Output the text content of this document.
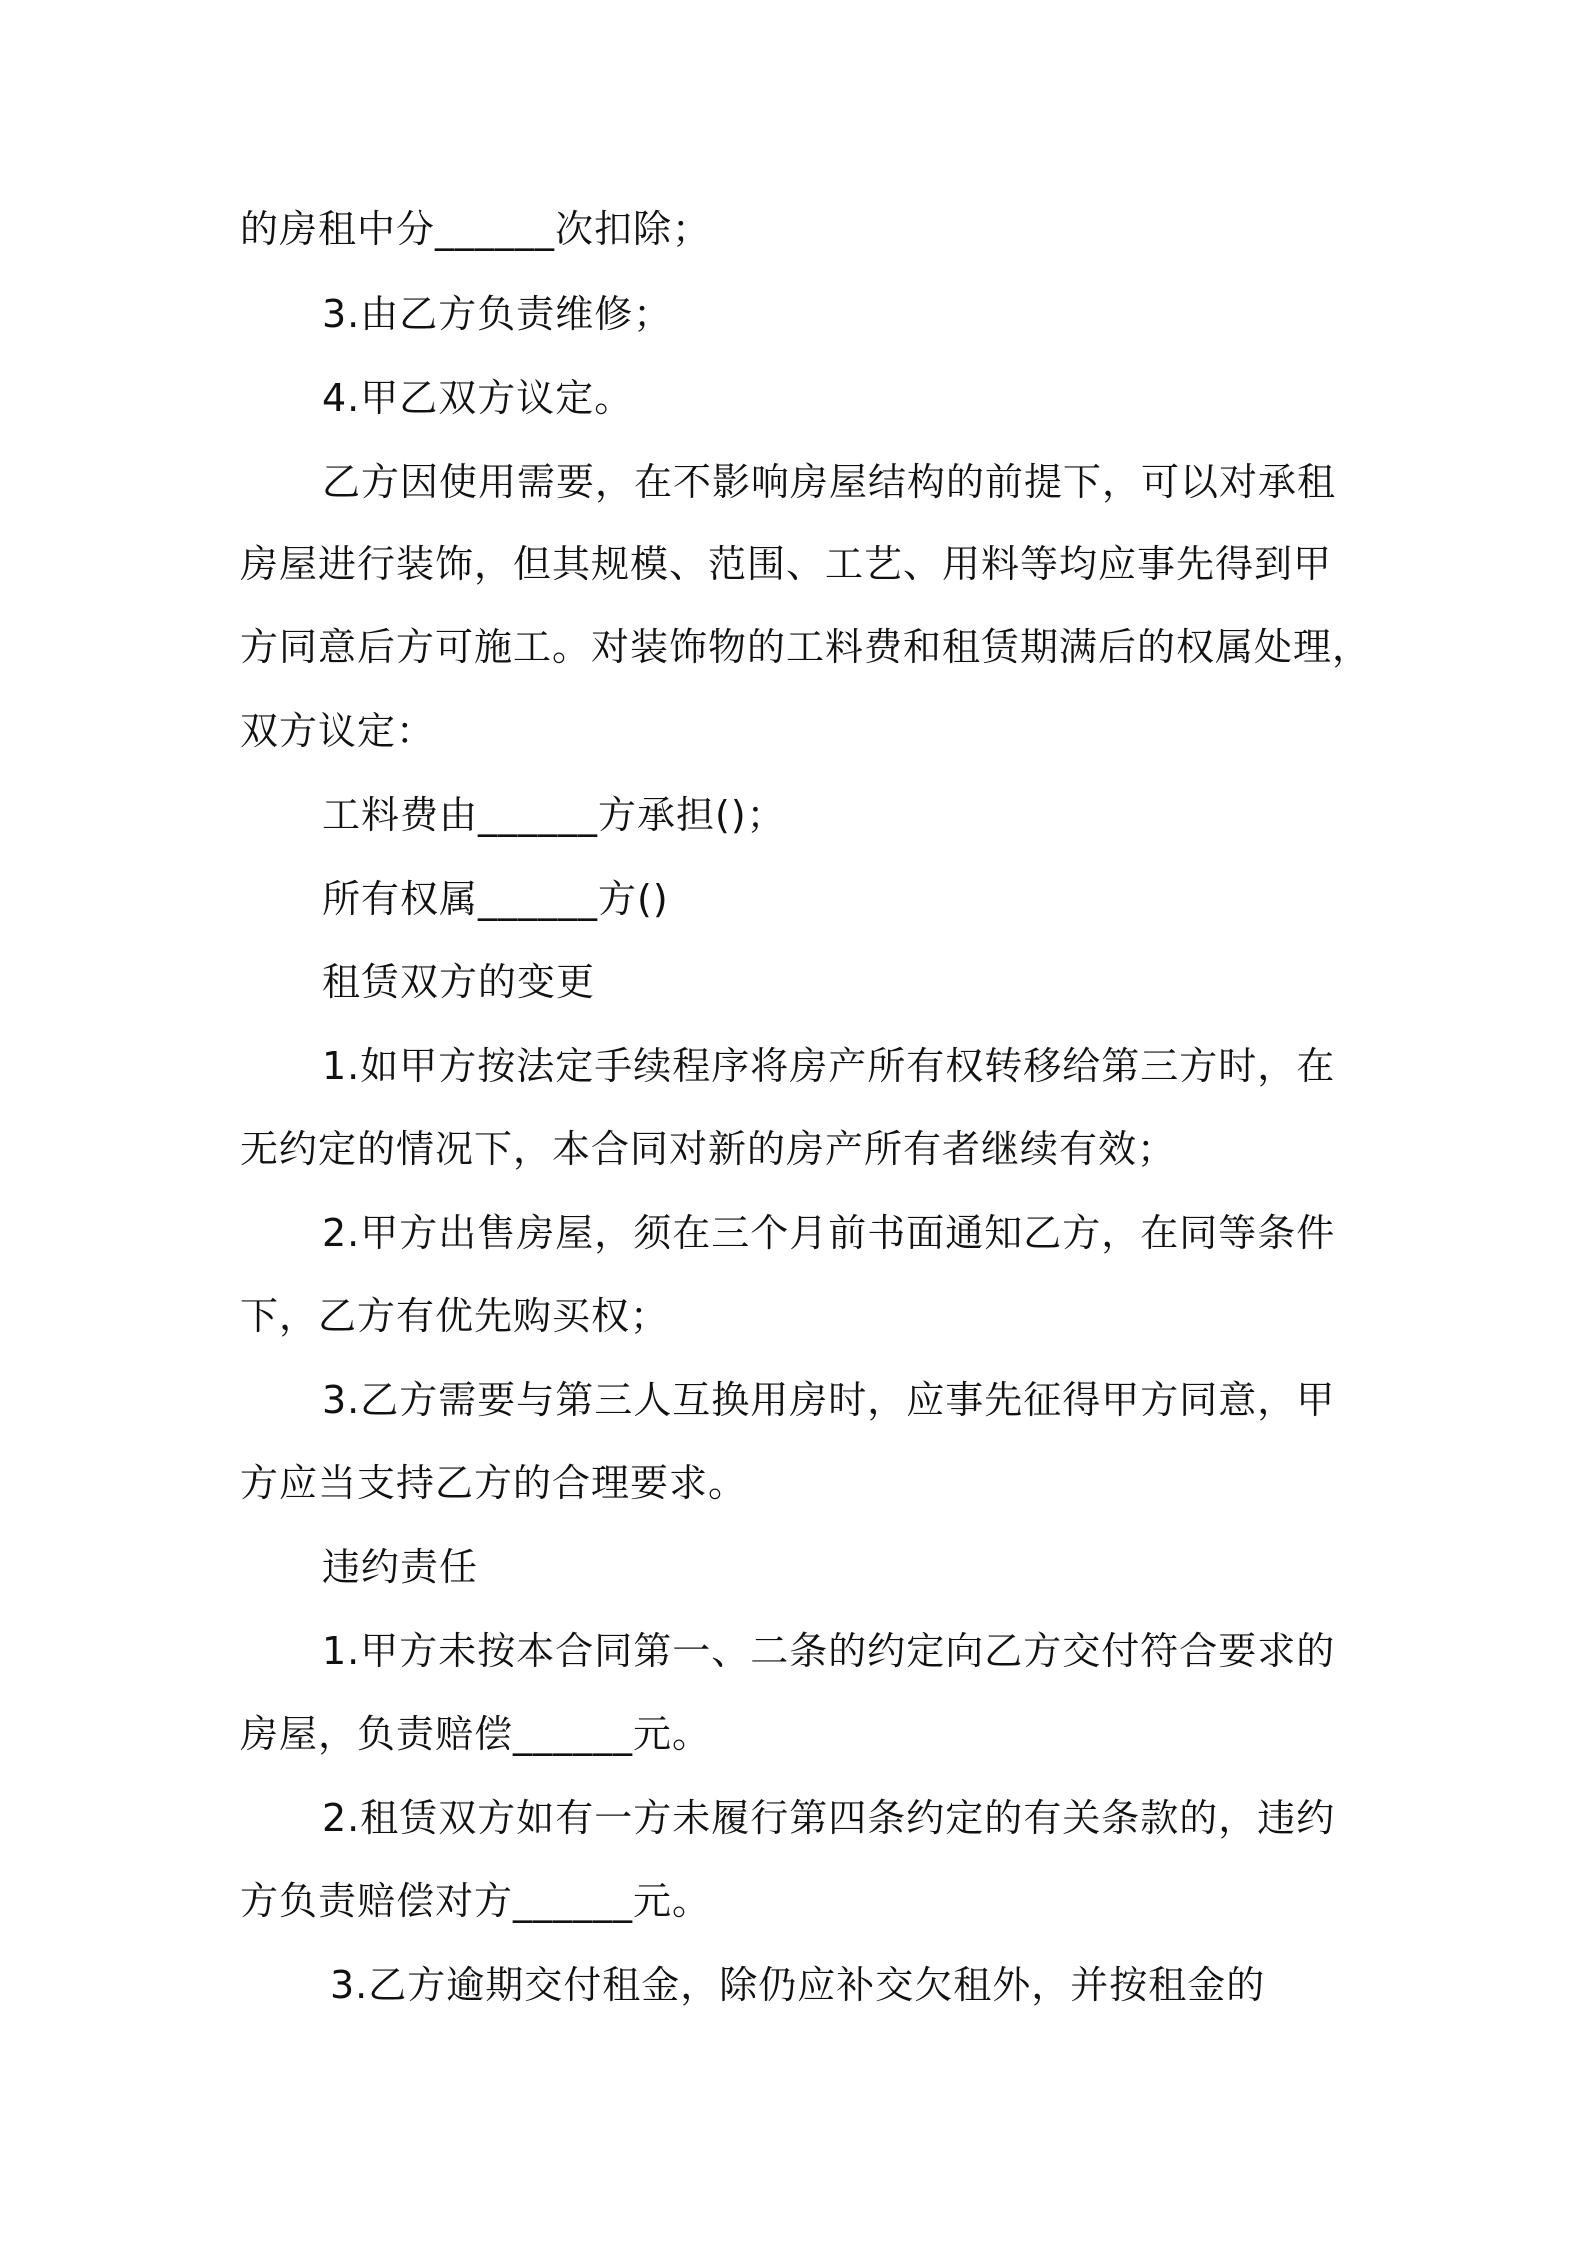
的房租中分______次扣除；
3.由乙方负责维修；
4.甲乙双方议定。
乙方因使用需要，在不影响房屋结构的前提下，可以对承租
房屋进行装饰，但其规模、范围、工艺、用料等均应事先得到甲
方同意后方可施工。对装饰物的工料费和租赁期满后的权属处理，
双方议定：
工料费由______方承担()；
所有权属______方()
租赁双方的变更
1.如甲方按法定手续程序将房产所有权转移给第三方时，在
无约定的情况下，本合同对新的房产所有者继续有效；
2.甲方出售房屋，须在三个月前书面通知乙方，在同等条件
下，乙方有优先购买权；
3.乙方需要与第三人互换用房时，应事先征得甲方同意，甲
方应当支持乙方的合理要求。
违约责任
1.甲方未按本合同第一、二条的约定向乙方交付符合要求的
房屋，负责赔偿______元。
2.租赁双方如有一方未履行第四条约定的有关条款的，违约
方负责赔偿对方______元。
3.乙方逾期交付租金，除仍应补交欠租外，并按租金的
